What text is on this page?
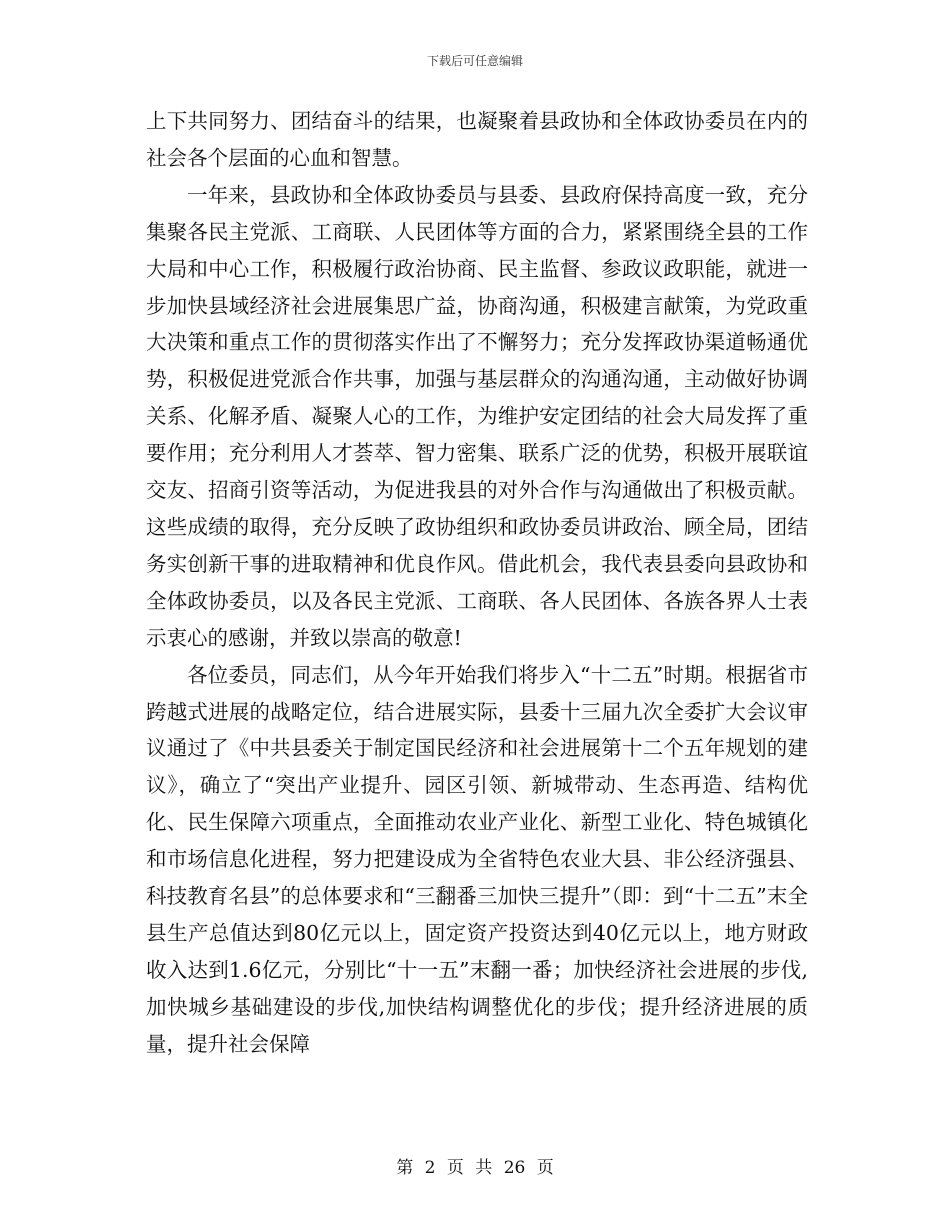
下载后可任意编辑

上下共同努力、团结奋斗的结果，也凝聚着县政协和全体政协委员在内的社会各个层面的心血和智慧。

一年来，县政协和全体政协委员与县委、县政府保持高度一致，充分集聚各民主党派、工商联、人民团体等方面的合力，紧紧围绕全县的工作大局和中心工作，积极履行政治协商、民主监督、参政议政职能，就进一步加快县域经济社会进展集思广益，协商沟通，积极建言献策，为党政重大决策和重点工作的贯彻落实作出了不懈努力；充分发挥政协渠道畅通优势，积极促进党派合作共事，加强与基层群众的沟通沟通，主动做好协调关系、化解矛盾、凝聚人心的工作，为维护安定团结的社会大局发挥了重要作用；充分利用人才荟萃、智力密集、联系广泛的优势，积极开展联谊交友、招商引资等活动，为促进我县的对外合作与沟通做出了积极贡献。这些成绩的取得，充分反映了政协组织和政协委员讲政治、顾全局，团结务实创新干事的进取精神和优良作风。借此机会，我代表县委向县政协和全体政协委员，以及各民主党派、工商联、各人民团体、各族各界人士表示衷心的感谢，并致以崇高的敬意!

各位委员，同志们，从今年开始我们将步入“十二五”时期。根据省市跨越式进展的战略定位，结合进展实际，县委十三届九次全委扩大会议审议通过了《中共县委关于制定国民经济和社会进展第十二个五年规划的建议》，确立了“突出产业提升、园区引领、新城带动、生态再造、结构优化、民生保障六项重点，全面推动农业产业化、新型工业化、特色城镇化和市场信息化进程，努力把建设成为全省特色农业大县、非公经济强县、科技教育名县”的总体要求和“三翻番三加快三提升”（即：到“十二五”末全县生产总值达到80亿元以上，固定资产投资达到40亿元以上，地方财政收入达到1.6亿元，分别比“十一五”末翻一番；加快经济社会进展的步伐,加快城乡基础建设的步伐,加快结构调整优化的步伐；提升经济进展的质量，提升社会保障

第 2 页 共 26 页
